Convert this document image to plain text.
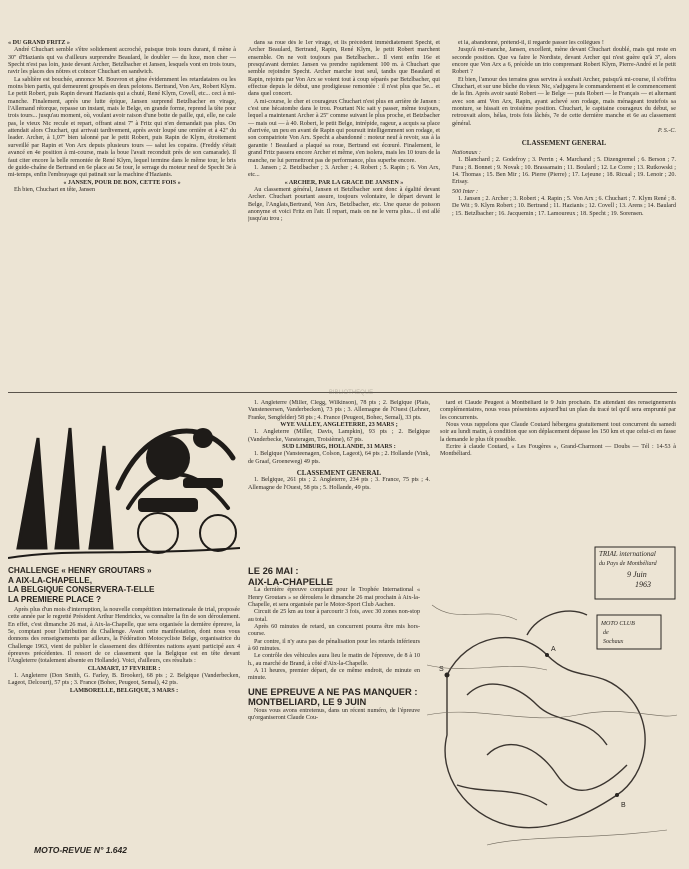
« DU GRAND FRITZ »

André Chuchart semble s'être solidement accroché, puisque trois tours durant, il mène à 30'' d'Hazianis qui va d'ailleurs surprendre Beaulard, le doubler — du luxe, mon cher — Specht n'est pas loin, juste devant Archer, Betzlbacher et Jansen, lesquels vont en trois tours, ravir les places des nôtres et coincer Chuchart en sandwich.

La sablière est bouchée, annonce M. Bouvron et gène évidemment les retardataires ou les moins bien partis, qui demeurent groupés en deux pelotons. Bertrand, Von Arx, Robert Klym. Le petit Robert, puis Rapin devant Hazianis qui a chuté, René Klym, Covell, etc... ceci à mi-manche. Finalement, après une lutte épique, Jansen surprend Betzlbacher en virage, l'Allemand rétorque, repasse un instant, mais le Belge, en grande forme, reprend la tête pour trois tours... jusqu'au moment, où, voulant avoir raison d'une botte de paille, qui, elle, ne cale pas, le vieux Nic recule et repart, offrant ainsi 7'' à Fritz qui n'en demandait pas plus. On attendait alors Chuchart, qui arrivait tardivement, après avoir loupé une ornière et à 42'' du leader. Archer, à 1,07'' bien talonné par le petit Robert, puis Rapin de Klym, étroitement surveillé par Rapin et Von Arx depuis plusieurs tours — salut les copains. (Freddy s'était avancé en 4e position à mi-course, mais la boue l'avait reconduit près de son camarade). Il faut citer encore la belle remontée de René Klym, lequel termine dans le même tour, le bris de guide-chaîne de Bertrand en 6e place au 5e tour, le serrage du moteur neuf de Specht 3e à mi-temps, enfin l'embrayage qui patinait sur la machine d'Hazianis.

« JANSEN, POUR DE BON, CETTE FOIS »

Eh bien, Chuchart en tête, Jansen

dans sa roue dès le 1er virage, et lis précédent immédiatement Specht, et Archer Beaulard, Bertrand, Rapin, René Klym, le petit Robert marchent ensemble. On ne voit toujours pas Betzlbacher... Il vient enfin 16e et presqu'avant dernier. Jansen va prendre rapidement 100 m. à Chuchart que semble rejoindre Specht. Archer marche tout seul, tandis que Beaulard et Rapin, rejoints par Von Arx se voient tout à coup séparés par Betzlbacher, qui effectue depuis le début, une prodigieuse remontée : il n'est plus que 5e... et dans quel concert.

A mi-course, le cher et courageux Chuchart n'est plus en arrière de Jansen : c'est une hécatombe dans le trou. Pourtant Nic sait y passer, même toujours, lequel a maintenant Archer à 25'' comme suivant le plus proche, et Betzbacher — mais oui — à 40. Robert, le petit Belge, intrépide, rageur, a acquis sa place d'arrivée, un peu en avant de Rapin qui poursuit intelligemment son rodage, et son compatriote Von Arx. Specht a abandonné : moteur neuf à revoir, sus à la garantie ! Beaulard a plaqué sa roue, Bertrand est écœuré. Finalement, le grand Fritz passera encore Archer et même, s'en isolera, mais les 10 tours de la manche, ne lui permettront pas de performance, plus superbe encore.

1. Jansen ; 2. Betzlbacher ; 3. Archer ; 4. Robert ; 5. Rapin ; 6. Von Arx, etc...

« ARCHER, PAR LA GRACE DE JANSEN »

Au classement général, Jansen et Betzlbacher sont donc à égalité devant Archer. Chuchart pourtant assure, toujours volontaire, le départ devant le Belge, l'Anglais,Bertrand, Von Arx, Betzlbacher, etc. Une queue de poisson anonyme et voici Fritz en l'air. Il repart, mais on ne le verra plus... il est allé jusqu'au trou ;

et là, abandonné, prétend-il, il regarde passer les collègues !

Jusqu'à mi-manche, Jansen, excellent, mène devant Chuchart doublé, mais qui reste en seconde position. Que va faire le Nordiste, devant Archer qui n'est guère qu'à 3'', alors encore que Von Arx a 6, précède un trio comprenant Robert Klym, Pierre-André et le petit Robert ?

Et bien, l'amour des terrains gras servira à souhait Archer, puisqu'à mi-course, il s'offrira Chuchart, et sur une bûche du vieux Nic, s'adjugera le commandement et le commencement de la fin. Après avoir sauté Robert — le Belge — puis Robert — le Français — et alternant avec son ami Von Arx, Rapin, ayant achevé son rodage, mais ménageant toutefois sa monture, se hissait en troisième position. Chuchart, le capitaine courageux du début, se retrouvait alors, hélas, trois fois lâchés, 7e de cette dernière manche et 6e au classement général.

P. S.-C.

CLASSEMENT GENERAL

Nationaux :

1. Blanchard ; 2. Godefroy ; 3. Perrin ; 4. Marchand ; 5. Dizengremel ; 6. Berson ; 7. Fura ; 8. Bonnet ; 9. Novak ; 10. Brassamain ; 11. Boulard ; 12. Le Corre ; 13. Rutkowski ; 14. Thomas ; 15. Ben Mir ; 16. Pierre (Pierre) ; 17. Lejeune ; 18. Ricual ; 19. Lenoir ; 20. Erisay.

500 Inter :

1. Jansen ; 2. Archer ; 3. Robert ; 4. Rapin ; 5. Von Arx ; 6. Chuchart ; 7. Klym René ; 8. De Wit ; 9. Klym Robert ; 10. Bertrand ; 11. Hazianis ; 12. Covell ; 13. Arens ; 14. Baulard ; 15. Betzlbacher ; 16. Jacquemin ; 17. Lamoureux ; 18. Specht ; 19. Sorensen.

BIBLIOTHÈQUE

1. Angleterre (Miller, Clegg, Wilkinson), 78 pts ; 2. Belgique (Plais, Vansteneersen, Vanderbecken), 73 pts ; 3. Allemagne de l'Ouest (Lehner, Franke, Sengfelder) 58 pts ; 4. France (Peugeot, Bohec, Semal), 33 pts.

WYE VALLEY, ANGLETERRE, 23 MARS ;

1. Angleterre (Miller, Davis, Lampkin), 93 pts ; 2. Belgique (Vanderbecke, Vansteragen, Troisième), 67 pts.

SUD LIMBURG, HOLLANDE, 31 MARS :

1. Belgique (Vansteenagen, Colson, Lageot), 64 pts ; 2. Hollande (Vink, de Graaf, Groeneweg) 49 pts.

CLASSEMENT GENERAL

1. Belgique, 261 pts ; 2. Angleterre, 234 pts ; 3. France, 75 pts ; 4. Allemagne de l'Ouest, 58 pts ; 5. Hollande, 49 pts.

tard et Claude Peugeot à Montbéliard le 9 Juin prochain. En attendant des renseignements complémentaires, nous vous présentons aujourd'hui un plan du tracé tel qu'il sera emprunté par les concurrents.

Nous vous rappelons que Claude Coutard hébergera gratuitement tout concurrent du samedi soir au lundi matin, à condition que son déplacement dépasse les 150 km et que celui-ci en fasse la demande le plus tôt possible.

Ecrire à claude Coutard, « Les Fougères », Grand-Charmont — Doubs — Tél : 14-53 à Montbéliard.

CHALLENGE « HENRY GROUTARS »

A AIX-LA-CHAPELLE,

LA BELGIQUE CONSERVERA-T-ELLE

LA PREMIERE PLACE ?

Après plus d'un mois d'interruption, la nouvelle compétition internationale de trial, proposée cette année par le regretté Président Arthur Hendrickx, va connaître la fin de son déroulement. En effet, c'est dimanche 26 mai, à Aix-la-Chapelle, que sera organisée la dernière épreuve, la 5e, comptant pour l'attribution du Challenge. Avant cette manifestation, dont nous vous donnons des renseignements par ailleurs, la Fédération Motocycliste Belge, organisatrice du Challenge 1963, vient de publier le classement des différentes nations ayant participé aux 4 épreuves précédentes. Il ressort de ce classement que la Belgique est en tête devant l'Angleterre (totalement absente en Hollande). Voici, d'ailleurs, ces résultats :

CLAMART, 17 FEVRIER :

1. Angleterre (Don Smith, G. Farley, B. Brooker), 68 pts ; 2. Belgique (Vanderbecken, Lageot, Delcourt), 57 pts ; 3. France (Bohec, Peugeot, Semal), 42 pts.

LAMBORELLE, BELGIQUE, 3 MARS :

LE 26 MAI :

AIX-LA-CHAPELLE

La dernière épreuve comptant pour le Trophée International « Henry Groutars » se déroulera le dimanche 26 mai prochain à Aix-la-Chapelle, et sera organisée par le Motor-Sport Club Aachen.

Circuit de 25 km au tour à parcourir 3 fois, avec 30 zones non-stop au total.

Après 60 minutes de retard, un concurrent pourra être mis hors-course.

Par contre, il n'y aura pas de pénalisation pour les retards inférieurs à 60 minutes.

Le contrôle des véhicules aura lieu le matin de l'épreuve, de 8 à 10 h., au marché de Brand, à côté d'Aix-la-Chapelle.

A 11 heures, premier départ, de ce même endroit, de minute en minute.

UNE EPREUVE A NE PAS MANQUER :

MONTBELIARD, LE 9 JUIN

Nous vous avons entretenus, dans un récent numéro, de l'épreuve qu'organiseront Claude Cou-

TRIAL international
du Pays de Montbéliard
9 Juin
1963
MOTO CLUB
de
Sochaux
S
A
B
MOTO-REVUE N° 1.642
